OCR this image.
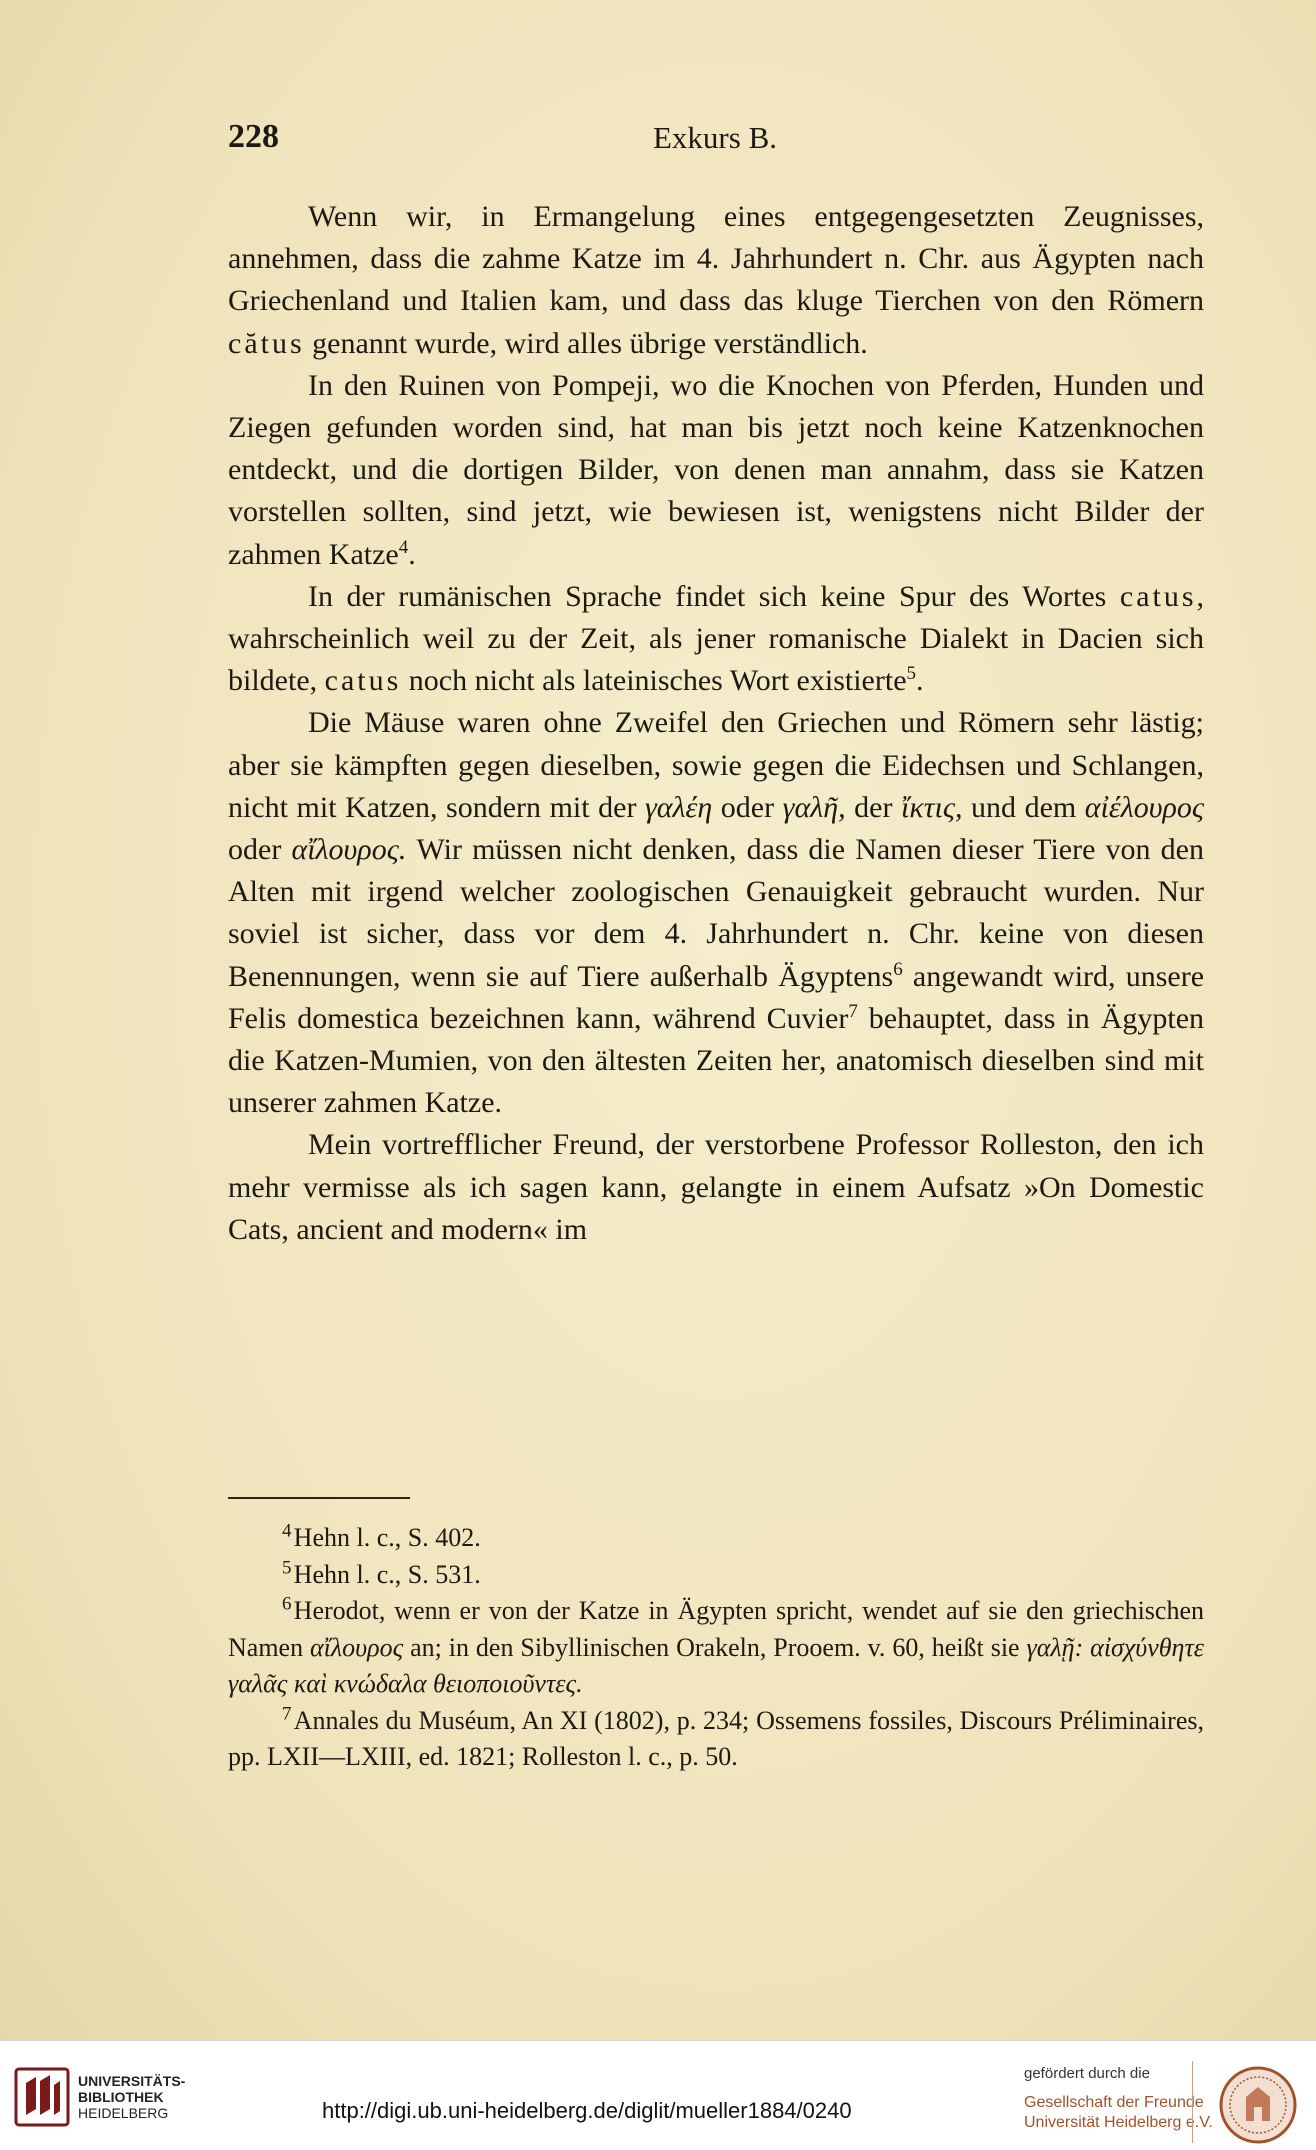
228	Exkurs B.

Wenn wir, in Ermangelung eines entgegengesetzten Zeugnisses, annehmen, dass die zahme Katze im 4. Jahrhundert n. Chr. aus Ägypten nach Griechenland und Italien kam, und dass das kluge Tierchen von den Römern cătus genannt wurde, wird alles übrige verständlich.

In den Ruinen von Pompeji, wo die Knochen von Pferden, Hunden und Ziegen gefunden worden sind, hat man bis jetzt noch keine Katzenknochen entdeckt, und die dortigen Bilder, von denen man annahm, dass sie Katzen vorstellen sollten, sind jetzt, wie bewiesen ist, wenigstens nicht Bilder der zahmen Katze$^4$.

In der rumänischen Sprache findet sich keine Spur des Wortes catus, wahrscheinlich weil zu der Zeit, als jener romanische Dialekt in Dacien sich bildete, catus noch nicht als lateinisches Wort existierte$^5$.

Die Mäuse waren ohne Zweifel den Griechen und Römern sehr lästig; aber sie kämpften gegen dieselben, sowie gegen die Eidechsen und Schlangen, nicht mit Katzen, sondern mit der γαλέη oder γαλῆ, der ἴκτις, und dem αἰέλουρος oder αἴλουρος. Wir müssen nicht denken, dass die Namen dieser Tiere von den Alten mit irgend welcher zoologischen Genauigkeit gebraucht wurden. Nur soviel ist sicher, dass vor dem 4. Jahrhundert n. Chr. keine von diesen Benennungen, wenn sie auf Tiere außerhalb Ägyptens$^6$ angewandt wird, unsere Felis domestica bezeichnen kann, während Cuvier$^7$ behauptet, dass in Ägypten die Katzen-Mumien, von den ältesten Zeiten her, anatomisch dieselben sind mit unserer zahmen Katze.

Mein vortrefflicher Freund, der verstorbene Professor Rolleston, den ich mehr vermisse als ich sagen kann, gelangte in einem Aufsatz »On Domestic Cats, ancient and modern« im

$^4$ Hehn l. c., S. 402.

$^5$ Hehn l. c., S. 531.

$^6$ Herodot, wenn er von der Katze in Ägypten spricht, wendet auf sie den griechischen Namen αἴλουρος an; in den Sibyllinischen Orakeln, Prooem. v. 60, heißt sie γαλῇ: αἰσχύνθητε γαλᾶς καὶ κνώδαλα θειοποιοῦντες.

$^7$ Annales du Muséum, An XI (1802), p. 234; Ossemens fossiles, Discours Préliminaires, pp. LXII—LXIII, ed. 1821; Rolleston l. c., p. 50.

UNIVERSITÄTS-
BIBLIOTHEK
HEIDELBERG	http://digi.ub.uni-heidelberg.de/diglit/mueller1884/0240
gefördert durch die
Gesellschaft der Freunde
Universität Heidelberg e.V.
